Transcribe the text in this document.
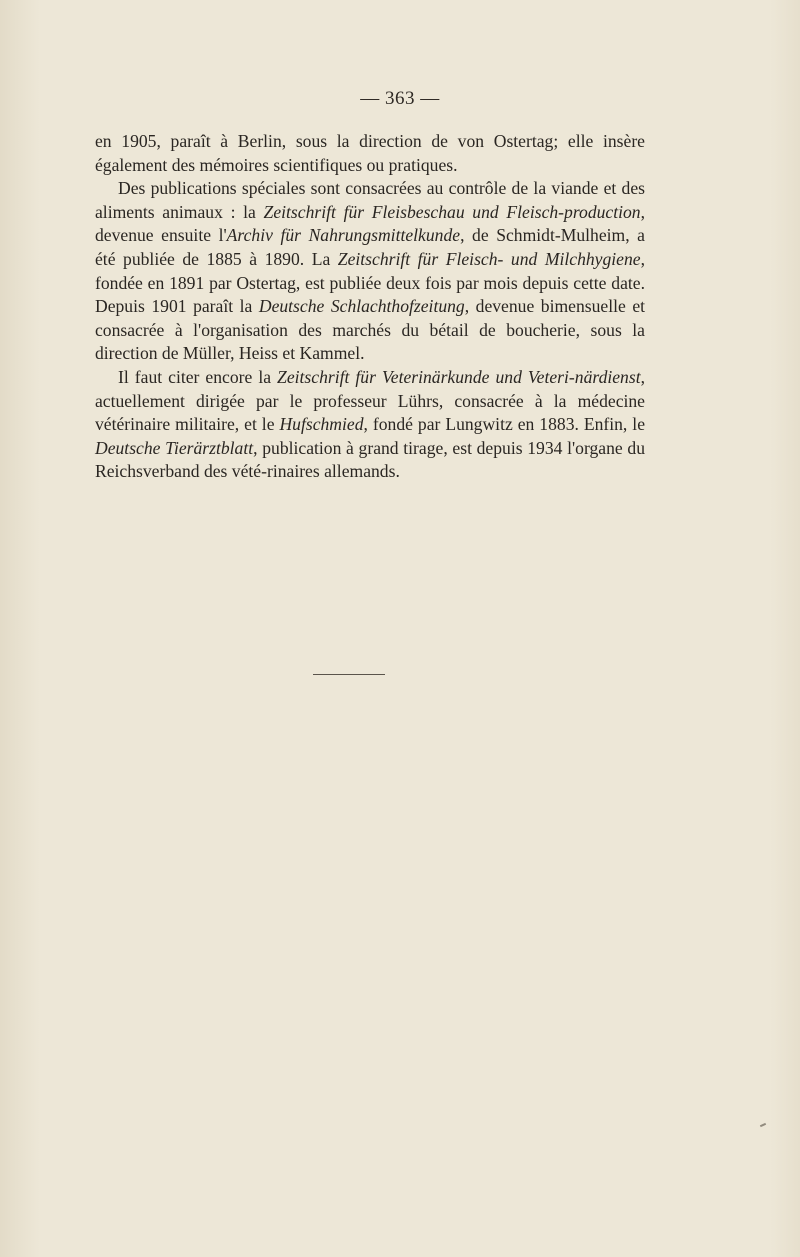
— 363 —

en 1905, paraît à Berlin, sous la direction de von Ostertag; elle insère également des mémoires scientifiques ou pratiques.

Des publications spéciales sont consacrées au contrôle de la viande et des aliments animaux : la Zeitschrift für Fleisbeschau und Fleisch-production, devenue ensuite l'Archiv für Nahrungsmittelkunde, de Schmidt-Mulheim, a été publiée de 1885 à 1890. La Zeitschrift für Fleisch- und Milchhygiene, fondée en 1891 par Ostertag, est publiée deux fois par mois depuis cette date. Depuis 1901 paraît la Deutsche Schlachthofzeitung, devenue bimensuelle et consacrée à l'organisation des marchés du bétail de boucherie, sous la direction de Müller, Heiss et Kammel.

Il faut citer encore la Zeitschrift für Veterinärkunde und Veteri-närdienst, actuellement dirigée par le professeur Lührs, consacrée à la médecine vétérinaire militaire, et le Hufschmied, fondé par Lungwitz en 1883. Enfin, le Deutsche Tierärztblatt, publication à grand tirage, est depuis 1934 l'organe du Reichsverband des vété-rinaires allemands.
